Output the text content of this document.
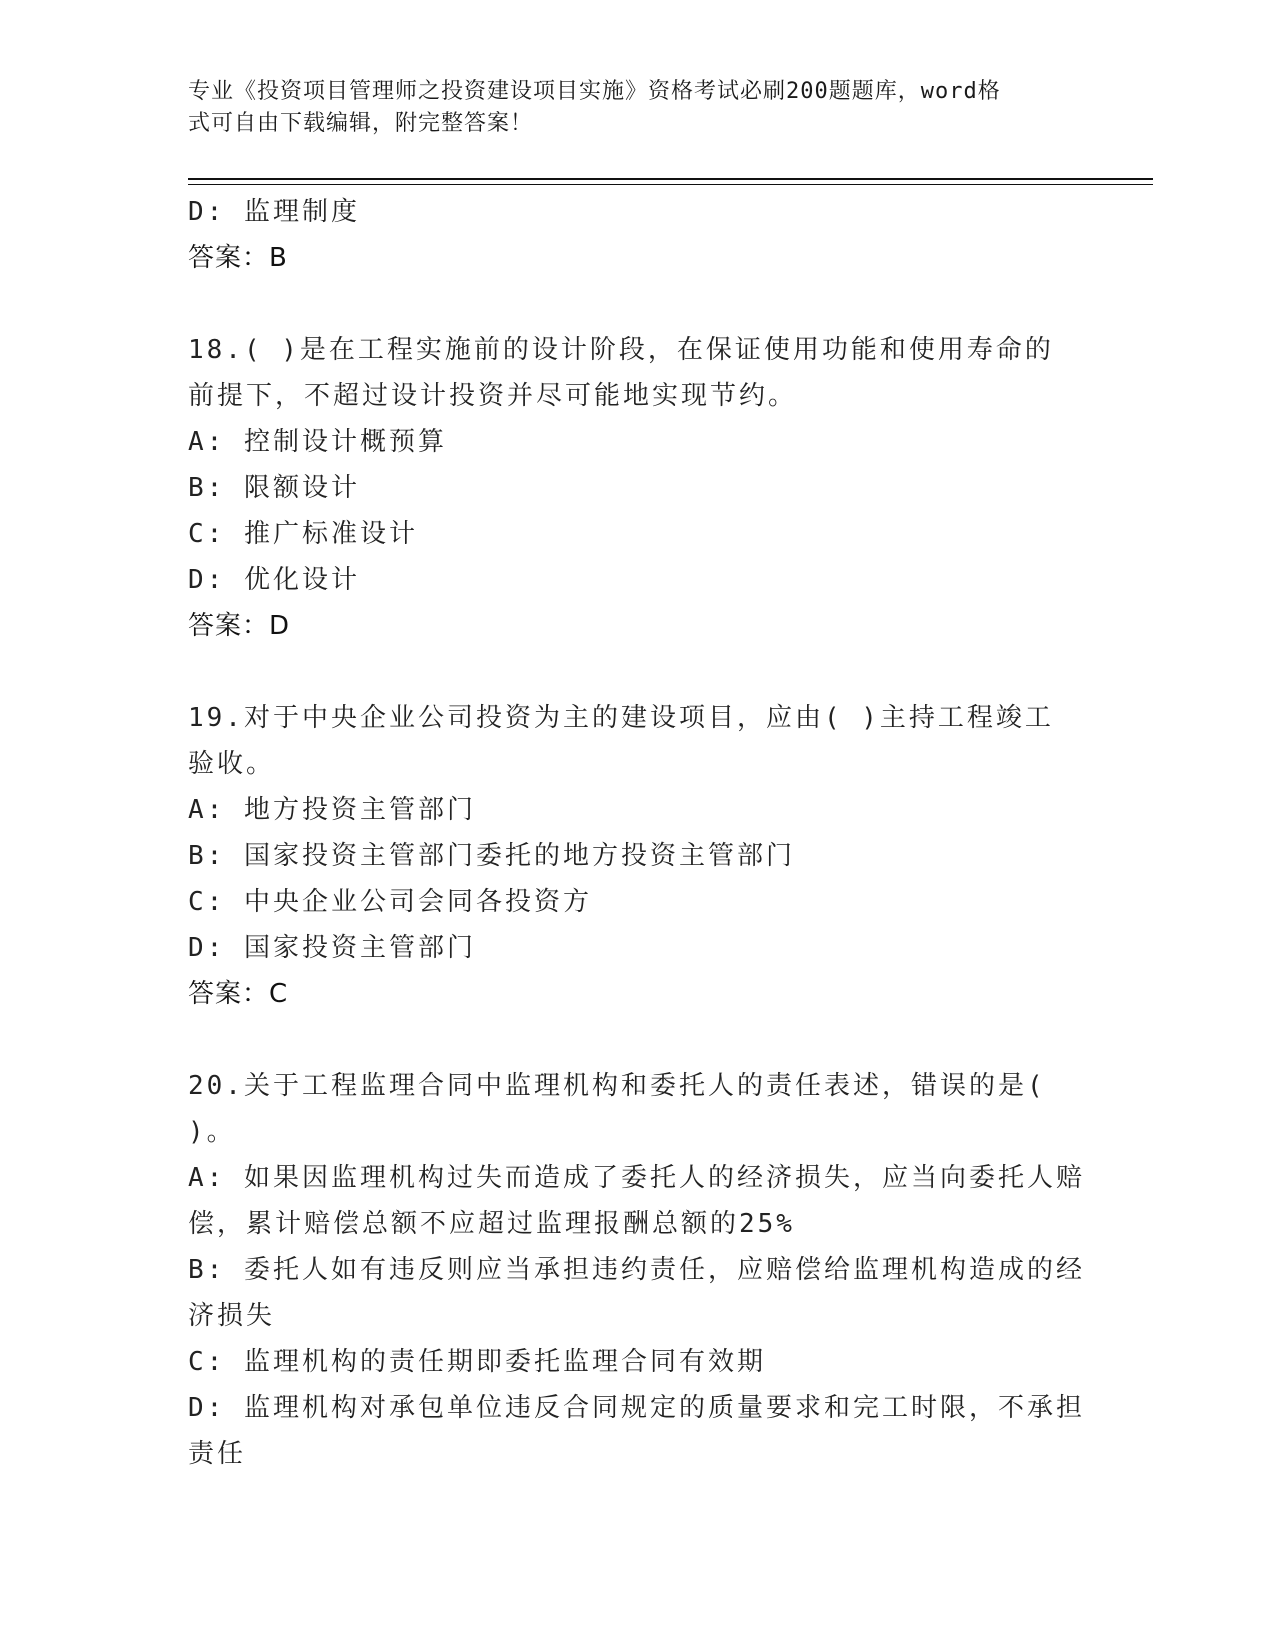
专业《投资项目管理师之投资建设项目实施》资格考试必刷200题题库，word格
式可自由下载编辑，附完整答案！
D: 监理制度
答案：B
18.( )是在工程实施前的设计阶段，在保证使用功能和使用寿命的
前提下，不超过设计投资并尽可能地实现节约。
A: 控制设计概预算
B: 限额设计
C: 推广标准设计
D: 优化设计
答案：D
19.对于中央企业公司投资为主的建设项目，应由( )主持工程竣工
验收。
A: 地方投资主管部门
B: 国家投资主管部门委托的地方投资主管部门
C: 中央企业公司会同各投资方
D: 国家投资主管部门
答案：C
20.关于工程监理合同中监理机构和委托人的责任表述，错误的是(
)。
A: 如果因监理机构过失而造成了委托人的经济损失，应当向委托人赔
偿，累计赔偿总额不应超过监理报酬总额的25%
B: 委托人如有违反则应当承担违约责任，应赔偿给监理机构造成的经
济损失
C: 监理机构的责任期即委托监理合同有效期
D: 监理机构对承包单位违反合同规定的质量要求和完工时限，不承担
责任
